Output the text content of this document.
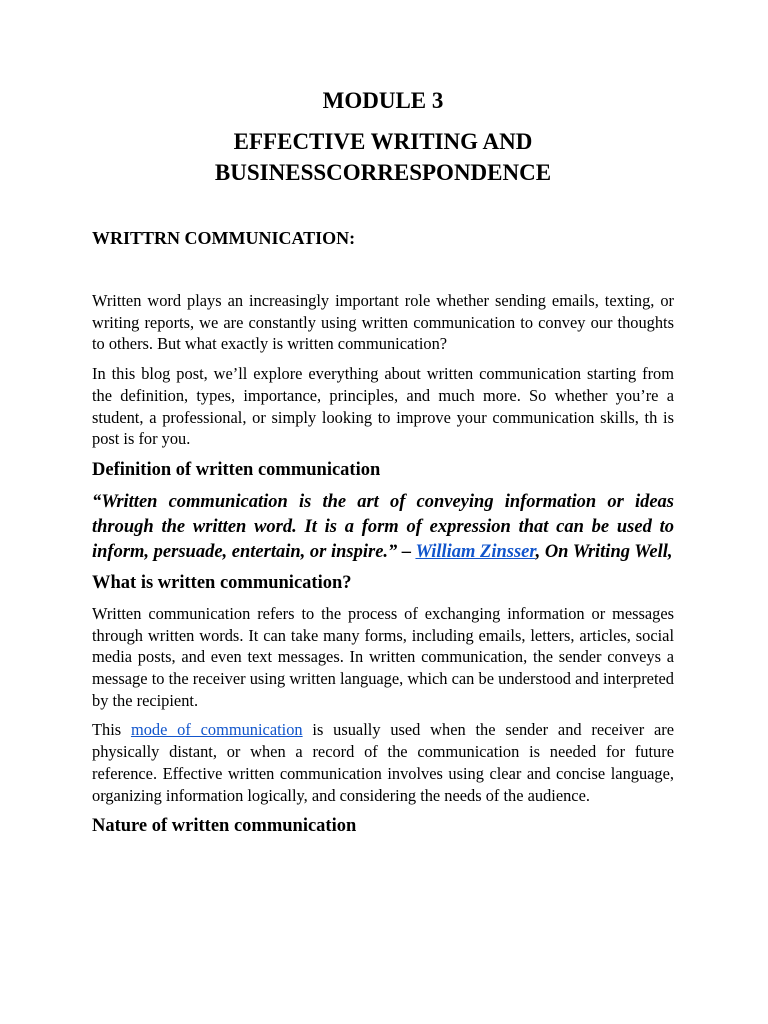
MODULE 3
EFFECTIVE WRITING AND
BUSINESSCORRESPONDENCE
WRITTRN COMMUNICATION:

Written word plays an increasingly important role whether sending emails, texting, or writing reports, we are constantly using written communication to convey our thoughts to others. But what exactly is written communication?

In this blog post, we’ll explore everything about written communication starting from the definition, types, importance, principles, and much more. So whether you’re a student, a professional, or simply looking to improve your communication skills, th is post is for you.

Definition of written communication

“Written communication is the art of conveying information or ideas through the written word. It is a form of expression that can be used to inform, persuade, entertain, or inspire.” – William Zinsser, On Writing Well,

What is written communication?

Written communication refers to the process of exchanging information or messages through written words. It can take many forms, including emails, letters, articles, social media posts, and even text messages. In written communication, the sender conveys a message to the receiver using written language, which can be understood and interpreted by the recipient.

This mode of communication is usually used when the sender and receiver are physically distant, or when a record of the communication is needed for future reference. Effective written communication involves using clear and concise language, organizing information logically, and considering the needs of the audience.

Nature of written communication
